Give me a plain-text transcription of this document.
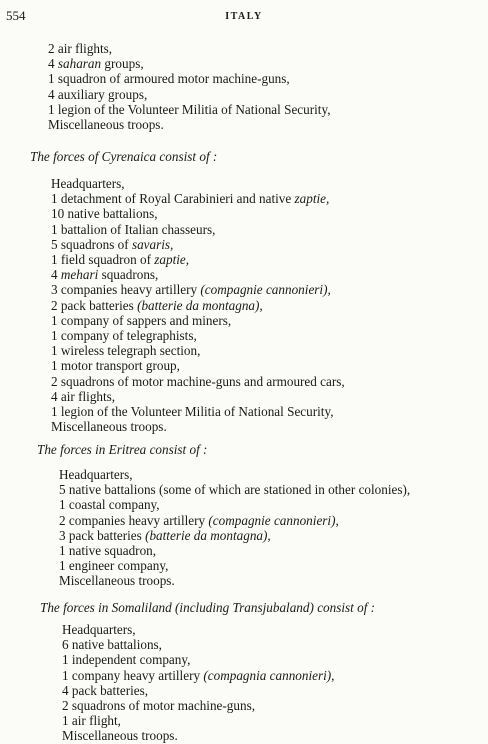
554	ITALY
2 air flights,
4 saharan groups,
1 squadron of armoured motor machine-guns,
4 auxiliary groups,
1 legion of the Volunteer Militia of National Security,
Miscellaneous troops.
The forces of Cyrenaica consist of :
Headquarters,
1 detachment of Royal Carabinieri and native zaptie,
10 native battalions,
1 battalion of Italian chasseurs,
5 squadrons of savaris,
1 field squadron of zaptie,
4 mehari squadrons,
3 companies heavy artillery (compagnie cannonieri),
2 pack batteries (batterie da montagna),
1 company of sappers and miners,
1 company of telegraphists,
1 wireless telegraph section,
1 motor transport group,
2 squadrons of motor machine-guns and armoured cars,
4 air flights,
1 legion of the Volunteer Militia of National Security,
Miscellaneous troops.
The forces in Eritrea consist of :
Headquarters,
5 native battalions (some of which are stationed in other colonies),
1 coastal company,
2 companies heavy artillery (compagnie cannonieri),
3 pack batteries (batterie da montagna),
1 native squadron,
1 engineer company,
Miscellaneous troops.
The forces in Somaliland (including Transjubaland) consist of :
Headquarters,
6 native battalions,
1 independent company,
1 company heavy artillery (compagnia cannonieri),
4 pack batteries,
2 squadrons of motor machine-guns,
1 air flight,
Miscellaneous troops.
